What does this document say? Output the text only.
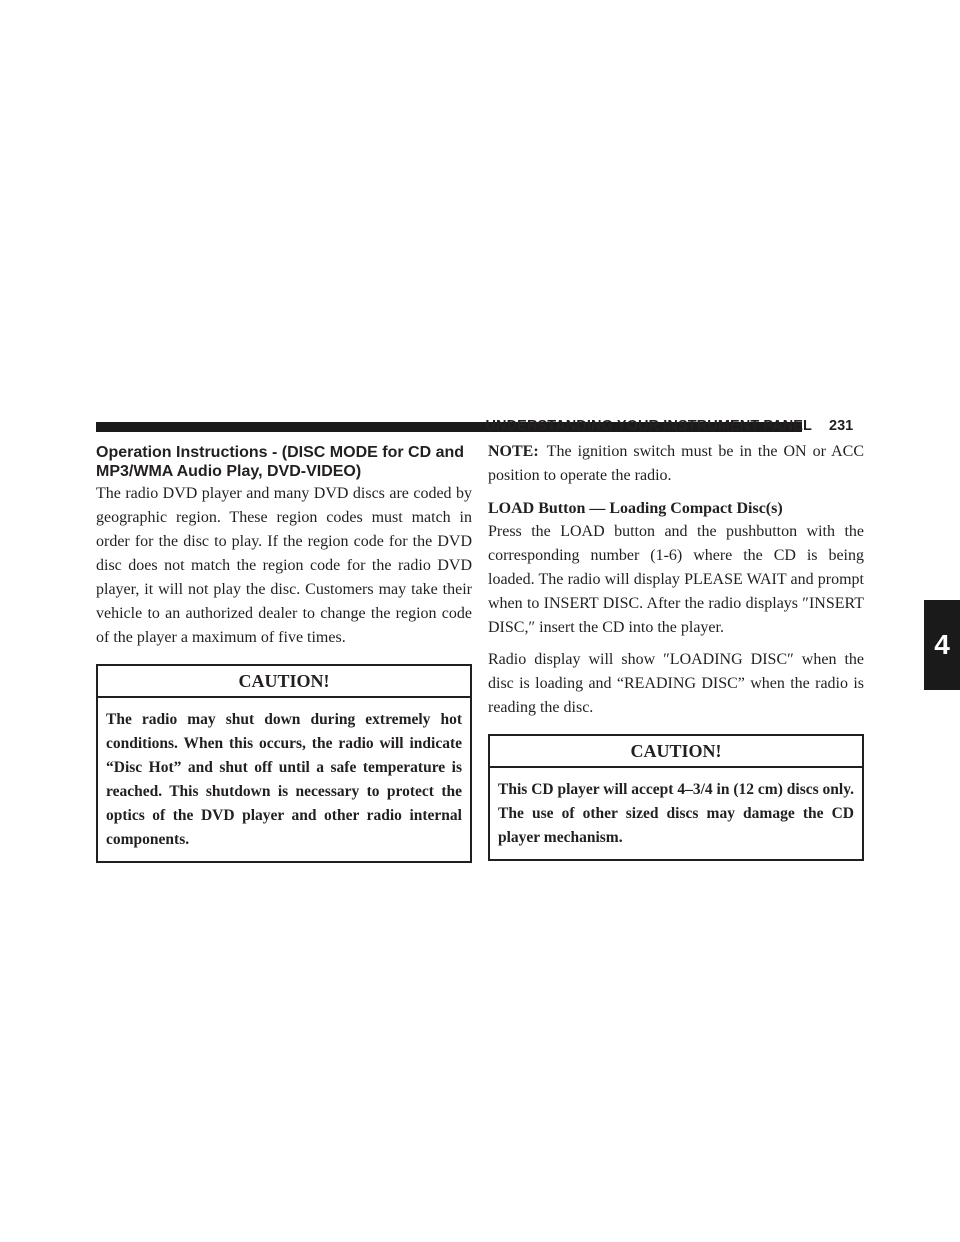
UNDERSTANDING YOUR INSTRUMENT PANEL 231
4
Operation Instructions - (DISC MODE for CD and
MP3/WMA Audio Play, DVD-VIDEO)

The radio DVD player and many DVD discs are coded by geographic region. These region codes must match in order for the disc to play. If the region code for the DVD disc does not match the region code for the radio DVD player, it will not play the disc. Customers may take their vehicle to an authorized dealer to change the region code of the player a maximum of five times.

CAUTION!
The radio may shut down during extremely hot conditions. When this occurs, the radio will indicate “Disc Hot” and shut off until a safe temperature is reached. This shutdown is necessary to protect the optics of the DVD player and other radio internal components.

NOTE: The ignition switch must be in the ON or ACC position to operate the radio.

LOAD Button — Loading Compact Disc(s)

Press the LOAD button and the pushbutton with the corresponding number (1-6) where the CD is being loaded. The radio will display PLEASE WAIT and prompt when to INSERT DISC. After the radio displays ″INSERT DISC,″ insert the CD into the player.

Radio display will show ″LOADING DISC″ when the disc is loading and “READING DISC” when the radio is reading the disc.

CAUTION!
This CD player will accept 4–3/4 in (12 cm) discs only. The use of other sized discs may damage the CD player mechanism.
